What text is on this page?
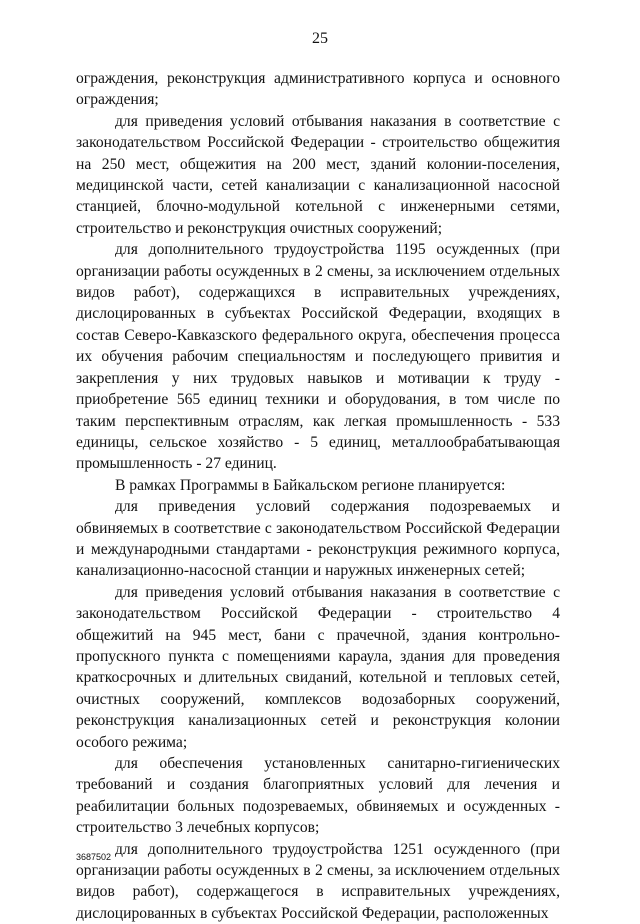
25

ограждения, реконструкция административного корпуса и основного ограждения;

для приведения условий отбывания наказания в соответствие с законодательством Российской Федерации - строительство общежития на 250 мест, общежития на 200 мест, зданий колонии-поселения, медицинской части, сетей канализации с канализационной насосной станцией, блочно-модульной котельной с инженерными сетями, строительство и реконструкция очистных сооружений;

для дополнительного трудоустройства 1195 осужденных (при организации работы осужденных в 2 смены, за исключением отдельных видов работ), содержащихся в исправительных учреждениях, дислоцированных в субъектах Российской Федерации, входящих в состав Северо-Кавказского федерального округа, обеспечения процесса их обучения рабочим специальностям и последующего привития и закрепления у них трудовых навыков и мотивации к труду - приобретение 565 единиц техники и оборудования, в том числе по таким перспективным отраслям, как легкая промышленность - 533 единицы, сельское хозяйство - 5 единиц, металлообрабатывающая промышленность - 27 единиц.

В рамках Программы в Байкальском регионе планируется:

для приведения условий содержания подозреваемых и обвиняемых в соответствие с законодательством Российской Федерации и международными стандартами - реконструкция режимного корпуса, канализационно-насосной станции и наружных инженерных сетей;

для приведения условий отбывания наказания в соответствие с законодательством Российской Федерации - строительство 4 общежитий на 945 мест, бани с прачечной, здания контрольно-пропускного пункта с помещениями караула, здания для проведения краткосрочных и длительных свиданий, котельной и тепловых сетей, очистных сооружений, комплексов водозаборных сооружений, реконструкция канализационных сетей и реконструкция колонии особого режима;

для обеспечения установленных санитарно-гигиенических требований и создания благоприятных условий для лечения и реабилитации больных подозреваемых, обвиняемых и осужденных - строительство 3 лечебных корпусов;

для дополнительного трудоустройства 1251 осужденного (при организации работы осужденных в 2 смены, за исключением отдельных видов работ), содержащегося в исправительных учреждениях, дислоцированных в субъектах Российской Федерации, расположенных

3687502
